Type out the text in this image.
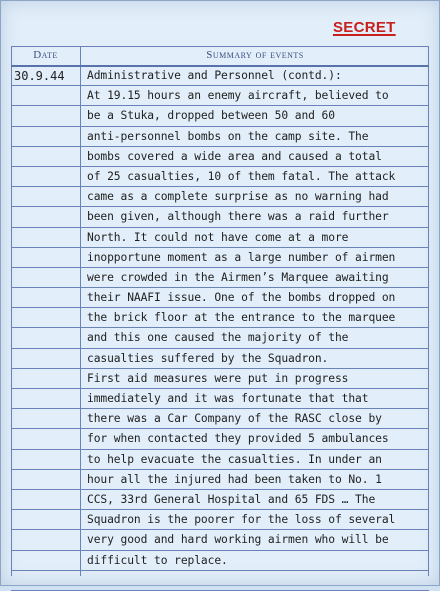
SECRET
Date	Summary of events
30.9.44 Administrative and Personnel (contd.):
At 19.15 hours an enemy aircraft, believed to
be a Stuka, dropped between 50 and 60
anti-personnel bombs on the camp site. The
bombs covered a wide area and caused a total
of 25 casualties, 10 of them fatal. The attack
came as a complete surprise as no warning had
been given, although there was a raid further
North. It could not have come at a more
inopportune moment as a large number of airmen
were crowded in the Airmen’s Marquee awaiting
their NAAFI issue. One of the bombs dropped on
the brick floor at the entrance to the marquee
and this one caused the majority of the
casualties suffered by the Squadron.
First aid measures were put in progress
immediately and it was fortunate that that
there was a Car Company of the RASC close by
for when contacted they provided 5 ambulances
to help evacuate the casualties. In under an
hour all the injured had been taken to No. 1
CCS, 33rd General Hospital and 65 FDS … The
Squadron is the poorer for the loss of several
very good and hard working airmen who will be
difficult to replace.
